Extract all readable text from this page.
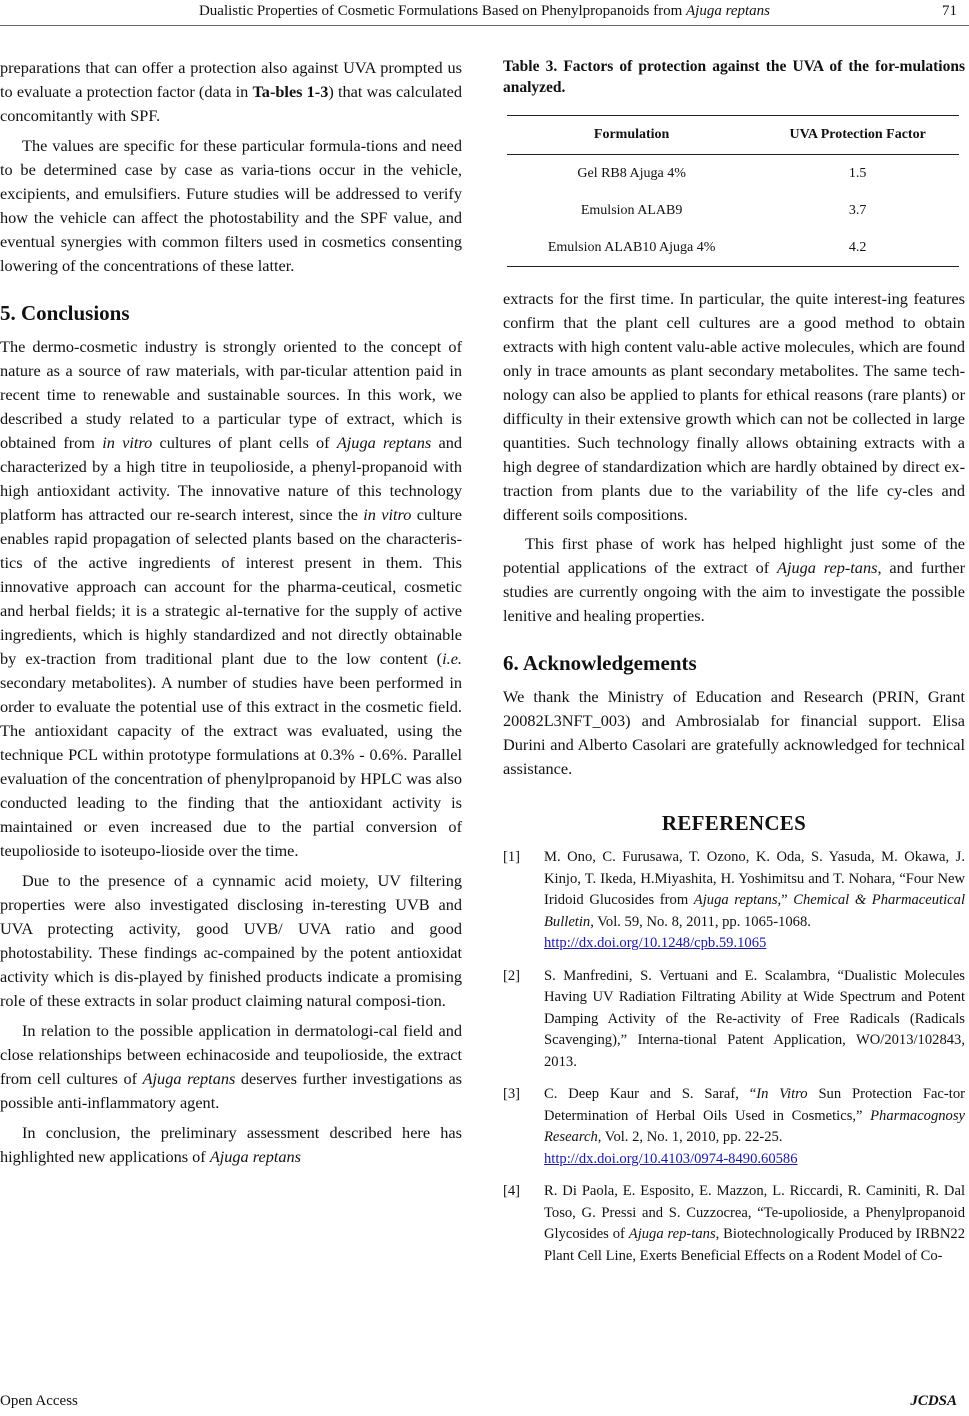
Dualistic Properties of Cosmetic Formulations Based on Phenylpropanoids from Ajuga reptans	71

preparations that can offer a protection also against UVA prompted us to evaluate a protection factor (data in Ta-bles 1-3) that was calculated concomitantly with SPF.

The values are specific for these particular formula-tions and need to be determined case by case as varia-tions occur in the vehicle, excipients, and emulsifiers. Future studies will be addressed to verify how the vehicle can affect the photostability and the SPF value, and eventual synergies with common filters used in cosmetics consenting lowering of the concentrations of these latter.

5. Conclusions

The dermo-cosmetic industry is strongly oriented to the concept of nature as a source of raw materials, with par-ticular attention paid in recent time to renewable and sustainable sources. In this work, we described a study related to a particular type of extract, which is obtained from in vitro cultures of plant cells of Ajuga reptans and characterized by a high titre in teupolioside, a phenyl-propanoid with high antioxidant activity. The innovative nature of this technology platform has attracted our re-search interest, since the in vitro culture enables rapid propagation of selected plants based on the characteris-tics of the active ingredients of interest present in them. This innovative approach can account for the pharma-ceutical, cosmetic and herbal fields; it is a strategic al-ternative for the supply of active ingredients, which is highly standardized and not directly obtainable by ex-traction from traditional plant due to the low content (i.e. secondary metabolites). A number of studies have been performed in order to evaluate the potential use of this extract in the cosmetic field. The antioxidant capacity of the extract was evaluated, using the technique PCL within prototype formulations at 0.3% - 0.6%. Parallel evaluation of the concentration of phenylpropanoid by HPLC was also conducted leading to the finding that the antioxidant activity is maintained or even increased due to the partial conversion of teupolioside to isoteupo-lioside over the time.

Due to the presence of a cynnamic acid moiety, UV filtering properties were also investigated disclosing in-teresting UVB and UVA protecting activity, good UVB/ UVA ratio and good photostability. These findings ac-compained by the potent antioxidat activity which is dis-played by finished products indicate a promising role of these extracts in solar product claiming natural composi-tion.

In relation to the possible application in dermatologi-cal field and close relationships between echinacoside and teupolioside, the extract from cell cultures of Ajuga reptans deserves further investigations as possible anti-inflammatory agent.

In conclusion, the preliminary assessment described here has highlighted new applications of Ajuga reptans

Table 3. Factors of protection against the UVA of the for-mulations analyzed.
Formulation	UVA Protection Factor
Gel RB8 Ajuga 4%	1.5
Emulsion ALAB9	3.7
Emulsion ALAB10 Ajuga 4%	4.2

extracts for the first time. In particular, the quite interest-ing features confirm that the plant cell cultures are a good method to obtain extracts with high content valu-able active molecules, which are found only in trace amounts as plant secondary metabolites. The same tech-nology can also be applied to plants for ethical reasons (rare plants) or difficulty in their extensive growth which can not be collected in large quantities. Such technology finally allows obtaining extracts with a high degree of standardization which are hardly obtained by direct ex-traction from plants due to the variability of the life cy-cles and different soils compositions.

This first phase of work has helped highlight just some of the potential applications of the extract of Ajuga rep-tans, and further studies are currently ongoing with the aim to investigate the possible lenitive and healing properties.

6. Acknowledgements

We thank the Ministry of Education and Research (PRIN, Grant 20082L3NFT_003) and Ambrosialab for financial support. Elisa Durini and Alberto Casolari are gratefully acknowledged for technical assistance.

REFERENCES
[1] M. Ono, C. Furusawa, T. Ozono, K. Oda, S. Yasuda, M. Okawa, J. Kinjo, T. Ikeda, H.Miyashita, H. Yoshimitsu and T. Nohara, “Four New Iridoid Glucosides from Ajuga reptans,” Chemical & Pharmaceutical Bulletin, Vol. 59, No. 8, 2011, pp. 1065-1068.
http://dx.doi.org/10.1248/cpb.59.1065
[2] S. Manfredini, S. Vertuani and E. Scalambra, “Dualistic Molecules Having UV Radiation Filtrating Ability at Wide Spectrum and Potent Damping Activity of the Re-activity of Free Radicals (Radicals Scavenging),” Interna-tional Patent Application, WO/2013/102843, 2013.
[3] C. Deep Kaur and S. Saraf, “In Vitro Sun Protection Fac-tor Determination of Herbal Oils Used in Cosmetics,” Pharmacognosy Research, Vol. 2, No. 1, 2010, pp. 22-25.
http://dx.doi.org/10.4103/0974-8490.60586
[4] R. Di Paola, E. Esposito, E. Mazzon, L. Riccardi, R. Caminiti, R. Dal Toso, G. Pressi and S. Cuzzocrea, “Te-upolioside, a Phenylpropanoid Glycosides of Ajuga rep-tans, Biotechnologically Produced by IRBN22 Plant Cell Line, Exerts Beneficial Effects on a Rodent Model of Co-
Open Access	JCDSA
